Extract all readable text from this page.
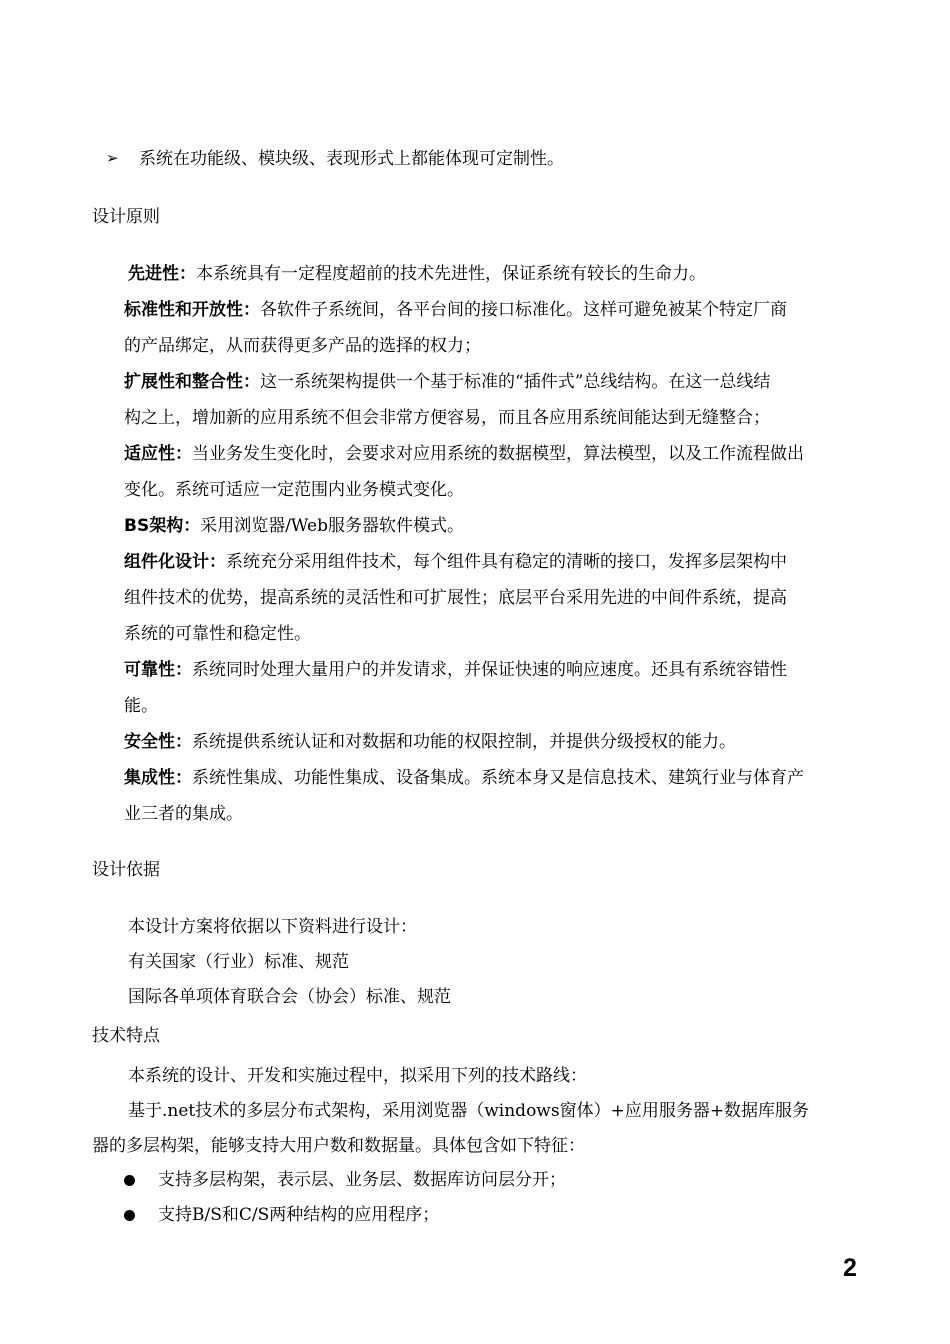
➢ 系统在功能级、模块级、表现形式上都能体现可定制性。
设计原则
先进性：本系统具有一定程度超前的技术先进性，保证系统有较长的生命力。
标准性和开放性：各软件子系统间，各平台间的接口标准化。这样可避免被某个特定厂商
的产品绑定，从而获得更多产品的选择的权力；
扩展性和整合性：这一系统架构提供一个基于标准的“插件式”总线结构。在这一总线结
构之上，增加新的应用系统不但会非常方便容易，而且各应用系统间能达到无缝整合；
适应性：当业务发生变化时，会要求对应用系统的数据模型，算法模型，以及工作流程做出
变化。系统可适应一定范围内业务模式变化。
BS架构：采用浏览器/Web服务器软件模式。
组件化设计：系统充分采用组件技术，每个组件具有稳定的清晰的接口，发挥多层架构中
组件技术的优势，提高系统的灵活性和可扩展性；底层平台采用先进的中间件系统，提高
系统的可靠性和稳定性。
可靠性：系统同时处理大量用户的并发请求，并保证快速的响应速度。还具有系统容错性
能。
安全性：系统提供系统认证和对数据和功能的权限控制，并提供分级授权的能力。
集成性：系统性集成、功能性集成、设备集成。系统本身又是信息技术、建筑行业与体育产
业三者的集成。
设计依据
本设计方案将依据以下资料进行设计：
有关国家（行业）标准、规范
国际各单项体育联合会（协会）标准、规范
技术特点
本系统的设计、开发和实施过程中，拟采用下列的技术路线：
基于.net技术的多层分布式架构，采用浏览器（windows窗体）+应用服务器+数据库服务
器的多层构架，能够支持大用户数和数据量。具体包含如下特征：
支持多层构架，表示层、业务层、数据库访问层分开；
支持B/S和C/S两种结构的应用程序；
2
